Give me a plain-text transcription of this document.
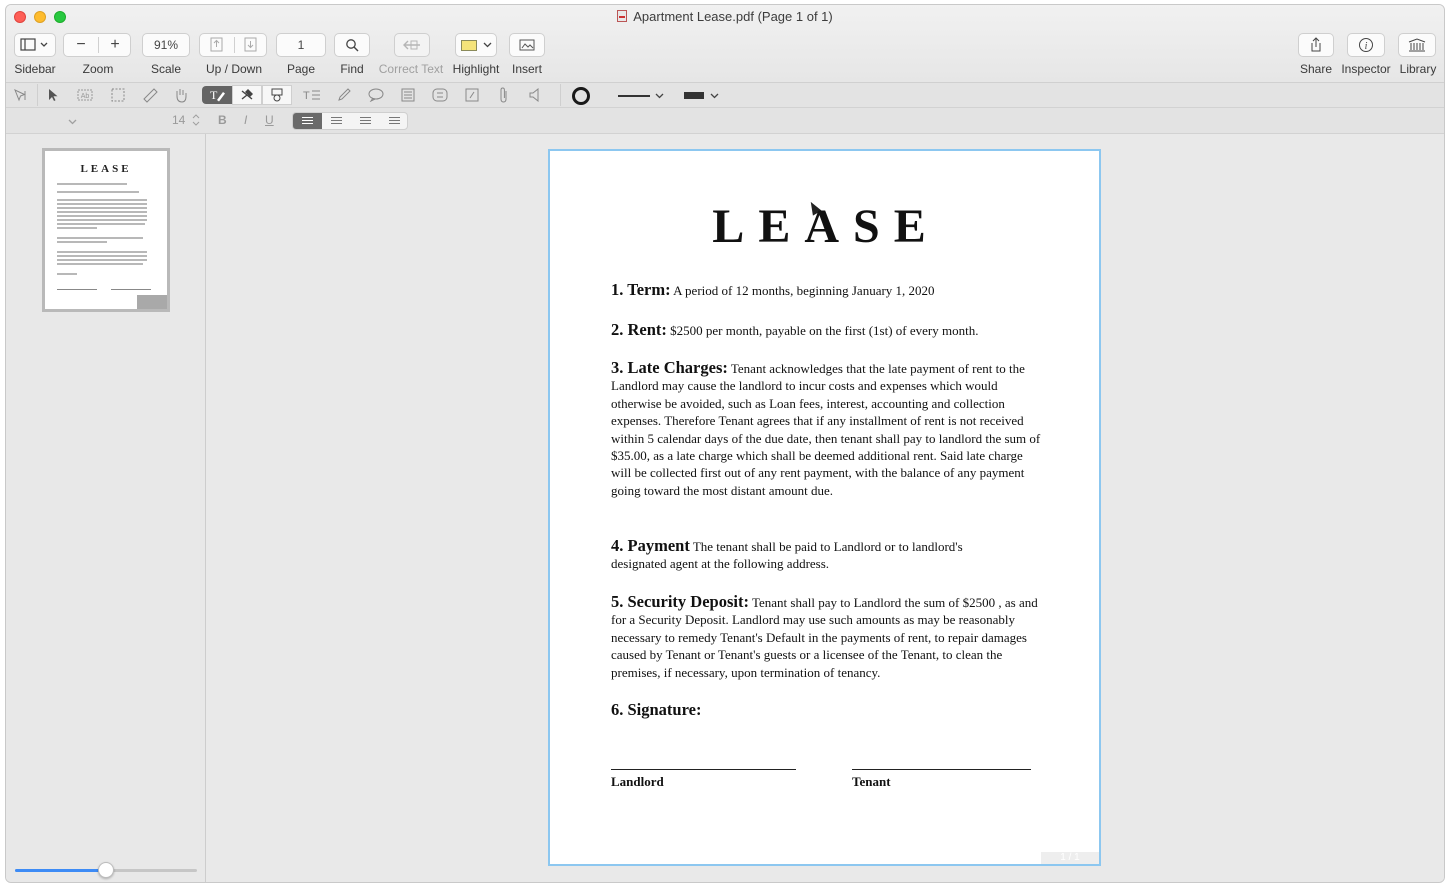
Apartment Lease.pdf (Page 1 of 1)
Sidebar
−	+
Zoom
91%
Scale Up / Down
1
Page Find Correct Text Highlight Insert	Share
i
Inspector Library
Ab	T	T
14	B I U
LEASE
LEASE
1. Term: A period of 12 months, beginning January 1, 2020
2. Rent: $2500 per month, payable on the first (1st) of every month.
3. Late Charges: Tenant acknowledges that the late payment of rent to the Landlord may cause the landlord to incur costs and expenses which would otherwise be avoided, such as Loan fees, interest, accounting and collection expenses. Therefore Tenant agrees that if any installment of rent is not received within 5 calendar days of the due date, then tenant shall pay to landlord the sum of $35.00, as a late charge which shall be deemed additional rent. Said late charge will be collected first out of any rent payment, with the balance of any payment going toward the most distant amount due.
4. Payment The tenant shall be paid to Landlord or to landlord's designated agent at the following address.
5. Security Deposit: Tenant shall pay to Landlord the sum of $2500 , as and for a Security Deposit. Landlord may use such amounts as may be reasonably necessary to remedy Tenant's Default in the payments of rent, to repair damages caused by Tenant or Tenant's guests or a licensee of the Tenant, to clean the premises, if necessary, upon termination of tenancy.
6. Signature:
Landlord	Tenant
1 / 1
